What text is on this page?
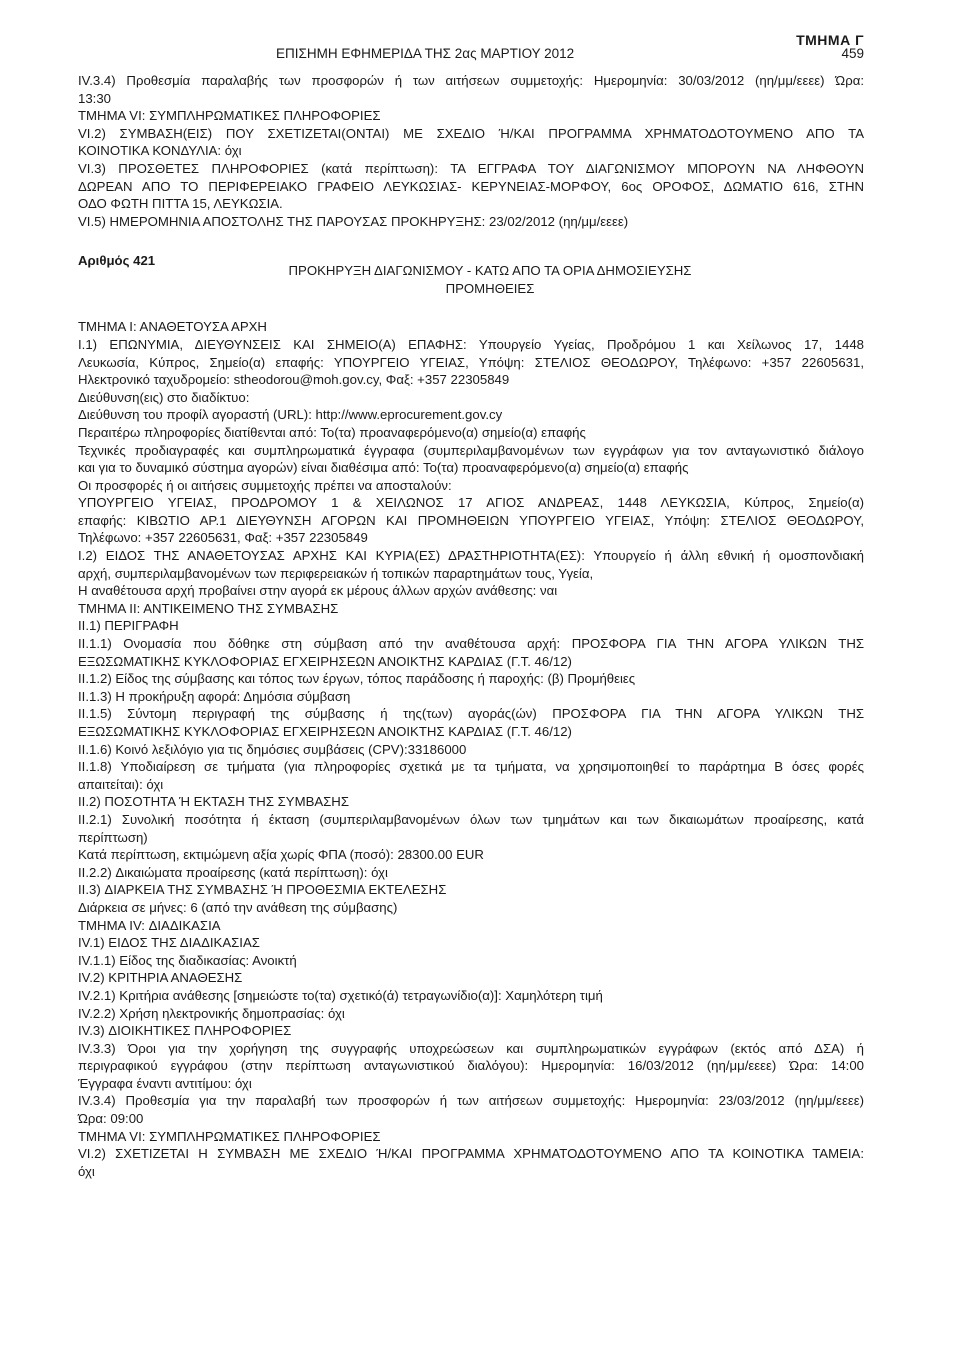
ΤΜΗΜΑ Γ
ΕΠΙΣΗΜΗ ΕΦΗΜΕΡΙΔΑ ΤΗΣ 2ας ΜΑΡΤΙΟΥ 2012	459
IV.3.4) Προθεσμία παραλαβής των προσφορών ή των αιτήσεων συμμετοχής: Ημερομηνία: 30/03/2012 (ηη/μμ/εεεε) Ώρα:
13:30
ΤΜΗΜΑ VI: ΣΥΜΠΛΗΡΩΜΑΤΙΚΕΣ ΠΛΗΡΟΦΟΡΙΕΣ
VI.2) ΣΥΜΒΑΣΗ(ΕΙΣ) ΠΟΥ ΣΧΕΤΙΖΕΤΑΙ(ΟΝΤΑΙ) ΜΕ ΣΧΕΔΙΟ Ή/ΚΑΙ ΠΡΟΓΡΑΜΜΑ ΧΡΗΜΑΤΟΔΟΤΟΥΜΕΝΟ ΑΠΟ ΤΑ
ΚΟΙΝΟΤΙΚΑ ΚΟΝΔΥΛΙΑ: όχι
VI.3) ΠΡΟΣΘΕΤΕΣ ΠΛΗΡΟΦΟΡΙΕΣ (κατά περίπτωση): ΤΑ ΕΓΓΡΑΦΑ ΤΟΥ ΔΙΑΓΩΝΙΣΜΟΥ ΜΠΟΡΟΥΝ ΝΑ ΛΗΦΘΟΥΝ
ΔΩΡΕΑΝ ΑΠΟ ΤΟ ΠΕΡΙΦΕΡΕΙΑΚΟ ΓΡΑΦΕΙΟ ΛΕΥΚΩΣΙΑΣ- ΚΕΡΥΝΕΙΑΣ-ΜΟΡΦΟΥ, 6ος ΟΡΟΦΟΣ, ΔΩΜΑΤΙΟ 616, ΣΤΗΝ
ΟΔΟ ΦΩΤΗ ΠΙΤΤΑ 15, ΛΕΥΚΩΣΙΑ.
VI.5) ΗΜΕΡΟΜΗΝΙΑ ΑΠΟΣΤΟΛΗΣ ΤΗΣ ΠΑΡΟΥΣΑΣ ΠΡΟΚΗΡΥΞΗΣ: 23/02/2012 (ηη/μμ/εεεε)
Αριθμός 421
ΠΡΟΚΗΡΥΞΗ ΔΙΑΓΩΝΙΣΜΟΥ - ΚΑΤΩ ΑΠΟ ΤΑ ΟΡΙΑ ΔΗΜΟΣΙΕΥΣΗΣ
ΠΡΟΜΗΘΕΙΕΣ
ΤΜΗΜΑ Ι: ΑΝΑΘΕΤΟΥΣΑ ΑΡΧΗ
I.1) ΕΠΩΝΥΜΙΑ, ΔΙΕΥΘΥΝΣΕΙΣ ΚΑΙ ΣΗΜΕΙΟ(Α) ΕΠΑΦΗΣ: Υπουργείο Υγείας, Προδρόμου 1 και Χείλωνος 17, 1448
Λευκωσία, Κύπρος, Σημείο(α) επαφής: ΥΠΟΥΡΓΕΙΟ ΥΓΕΙΑΣ, Υπόψη: ΣΤΕΛΙΟΣ ΘΕΟΔΩΡΟΥ, Τηλέφωνο: +357 22605631,
Ηλεκτρονικό ταχυδρομείο: stheodorou@moh.gov.cy, Φαξ: +357 22305849
Διεύθυνση(εις) στο διαδίκτυο:
Διεύθυνση του προφίλ αγοραστή (URL): http://www.eprocurement.gov.cy
Περαιτέρω πληροφορίες διατίθενται από: Το(τα) προαναφερόμενο(α) σημείο(α) επαφής
Τεχνικές προδιαγραφές και συμπληρωματικά έγγραφα (συμπεριλαμβανομένων των εγγράφων για τον ανταγωνιστικό διάλογο
και για το δυναμικό σύστημα αγορών) είναι διαθέσιμα από: Το(τα) προαναφερόμενο(α) σημείο(α) επαφής
Οι προσφορές ή οι αιτήσεις συμμετοχής πρέπει να αποσταλούν:
ΥΠΟΥΡΓΕΙΟ ΥΓΕΙΑΣ, ΠΡΟΔΡΟΜΟΥ 1 & ΧΕΙΛΩΝΟΣ 17 ΑΓΙΟΣ ΑΝΔΡΕΑΣ, 1448 ΛΕΥΚΩΣΙΑ, Κύπρος, Σημείο(α)
επαφής: ΚΙΒΩΤΙΟ ΑΡ.1 ΔΙΕΥΘΥΝΣΗ ΑΓΟΡΩΝ ΚΑΙ ΠΡΟΜΗΘΕΙΩΝ ΥΠΟΥΡΓΕΙΟ ΥΓΕΙΑΣ, Υπόψη: ΣΤΕΛΙΟΣ ΘΕΟΔΩΡΟΥ,
Τηλέφωνο: +357 22605631, Φαξ: +357 22305849
I.2) ΕΙΔΟΣ ΤΗΣ ΑΝΑΘΕΤΟΥΣΑΣ ΑΡΧΗΣ ΚΑΙ ΚΥΡΙΑ(ΕΣ) ΔΡΑΣΤΗΡΙΟΤΗΤΑ(ΕΣ): Υπουργείο ή άλλη εθνική ή ομοσπονδιακή
αρχή, συμπεριλαμβανομένων των περιφερειακών ή τοπικών παραρτημάτων τους, Υγεία,
Η αναθέτουσα αρχή προβαίνει στην αγορά εκ μέρους άλλων αρχών ανάθεσης: ναι
ΤΜΗΜΑ ΙΙ: ΑΝΤΙΚΕΙΜΕΝΟ ΤΗΣ ΣΥΜΒΑΣΗΣ
II.1) ΠΕΡΙΓΡΑΦΗ
II.1.1) Ονομασία που δόθηκε στη σύμβαση από την αναθέτουσα αρχή: ΠΡΟΣΦΟΡΑ ΓΙΑ ΤΗΝ ΑΓΟΡΑ ΥΛΙΚΩΝ ΤΗΣ
ΕΞΩΣΩΜΑΤΙΚΗΣ ΚΥΚΛΟΦΟΡΙΑΣ ΕΓΧΕΙΡΗΣΕΩΝ ΑΝΟΙΚΤΗΣ ΚΑΡΔΙΑΣ (Γ.Τ. 46/12)
II.1.2) Είδος της σύμβασης και τόπος των έργων, τόπος παράδοσης ή παροχής: (β) Προμήθειες
II.1.3) Η προκήρυξη αφορά: Δημόσια σύμβαση
II.1.5) Σύντομη περιγραφή της σύμβασης ή της(των) αγοράς(ών) ΠΡΟΣΦΟΡΑ ΓΙΑ ΤΗΝ ΑΓΟΡΑ ΥΛΙΚΩΝ ΤΗΣ
ΕΞΩΣΩΜΑΤΙΚΗΣ ΚΥΚΛΟΦΟΡΙΑΣ ΕΓΧΕΙΡΗΣΕΩΝ ΑΝΟΙΚΤΗΣ ΚΑΡΔΙΑΣ (Γ.Τ. 46/12)
II.1.6) Κοινό λεξιλόγιο για τις δημόσιες συμβάσεις (CPV):33186000
II.1.8) Υποδιαίρεση σε τμήματα (για πληροφορίες σχετικά με τα τμήματα, να χρησιμοποιηθεί το παράρτημα Β όσες φορές
απαιτείται): όχι
II.2) ΠΟΣΟΤΗΤΑ Ή ΕΚΤΑΣΗ ΤΗΣ ΣΥΜΒΑΣΗΣ
II.2.1) Συνολική ποσότητα ή έκταση (συμπεριλαμβανομένων όλων των τμημάτων και των δικαιωμάτων προαίρεσης, κατά
περίπτωση)
Κατά περίπτωση, εκτιμώμενη αξία χωρίς ΦΠΑ (ποσό): 28300.00 EUR
II.2.2) Δικαιώματα προαίρεσης (κατά περίπτωση): όχι
II.3) ΔΙΑΡΚΕΙΑ ΤΗΣ ΣΥΜΒΑΣΗΣ Ή ΠΡΟΘΕΣΜΙΑ ΕΚΤΕΛΕΣΗΣ
Διάρκεια σε μήνες: 6 (από την ανάθεση της σύμβασης)
ΤΜΗΜΑ IV: ΔΙΑΔΙΚΑΣΙΑ
IV.1) ΕΙΔΟΣ ΤΗΣ ΔΙΑΔΙΚΑΣΙΑΣ
IV.1.1) Είδος της διαδικασίας: Ανοικτή
IV.2) ΚΡΙΤΗΡΙΑ ΑΝΑΘΕΣΗΣ
IV.2.1) Κριτήρια ανάθεσης [σημειώστε το(τα) σχετικό(ά) τετραγωνίδιο(α)]: Χαμηλότερη τιμή
IV.2.2) Χρήση ηλεκτρονικής δημοπρασίας: όχι
IV.3) ΔΙΟΙΚΗΤΙΚΕΣ ΠΛΗΡΟΦΟΡΙΕΣ
IV.3.3) Όροι για την χορήγηση της συγγραφής υποχρεώσεων και συμπληρωματικών εγγράφων (εκτός από ΔΣΑ) ή
περιγραφικού εγγράφου (στην περίπτωση ανταγωνιστικού διαλόγου): Ημερομηνία: 16/03/2012 (ηη/μμ/εεεε) Ώρα: 14:00
Έγγραφα έναντι αντιτίμου: όχι
IV.3.4) Προθεσμία για την παραλαβή των προσφορών ή των αιτήσεων συμμετοχής: Ημερομηνία: 23/03/2012 (ηη/μμ/εεεε)
Ώρα: 09:00
ΤΜΗΜΑ VI: ΣΥΜΠΛΗΡΩΜΑΤΙΚΕΣ ΠΛΗΡΟΦΟΡΙΕΣ
VI.2) ΣΧΕΤΙΖΕΤΑΙ Η ΣΥΜΒΑΣΗ ΜΕ ΣΧΕΔΙΟ Ή/ΚΑΙ ΠΡΟΓΡΑΜΜΑ ΧΡΗΜΑΤΟΔΟΤΟΥΜΕΝΟ ΑΠΟ ΤΑ ΚΟΙΝΟΤΙΚΑ ΤΑΜΕΙΑ:
όχι
